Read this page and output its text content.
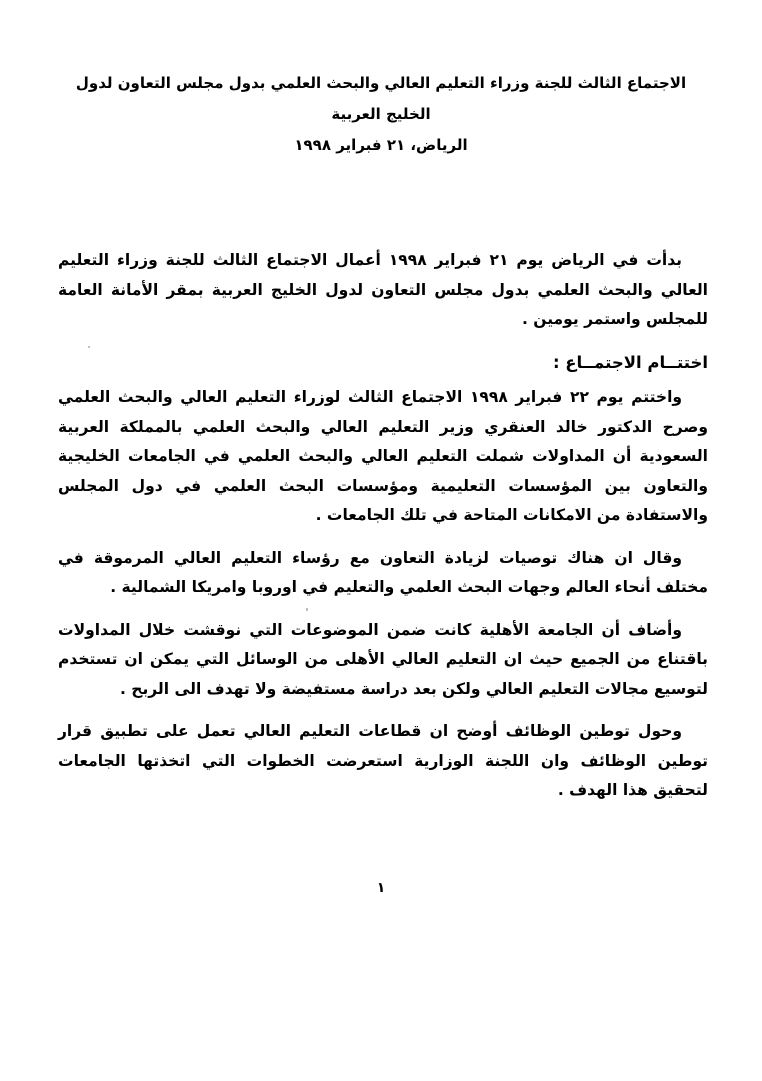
الاجتماع الثالث للجنة وزراء التعليم العالي والبحث العلمي بدول مجلس التعاون لدول الخليج العربية
الرياض، ٢١ فبراير ١٩٩٨

بدأت في الرياض يوم ٢١ فبراير ١٩٩٨ أعمال الاجتماع الثالث للجنة وزراء التعليم العالي والبحث العلمي بدول مجلس التعاون لدول الخليج العربية بمقر الأمانة العامة للمجلس واستمر يومين .

اختتــام الاجتمــاع :

واختتم يوم ٢٢ فبراير ١٩٩٨ الاجتماع الثالث لوزراء التعليم العالي والبحث العلمي وصرح الدكتور خالد العنقري وزير التعليم العالي والبحث العلمي بالمملكة العربية السعودية أن المداولات شملت التعليم العالي والبحث العلمي في الجامعات الخليجية والتعاون بين المؤسسات التعليمية ومؤسسات البحث العلمي في دول المجلس والاستفادة من الامكانات المتاحة في تلك الجامعات .

وقال ان هناك توصيات لزيادة التعاون مع رؤساء التعليم العالي المرموقة في مختلف أنحاء العالم وجهات البحث العلمي والتعليم في اوروبا وامريكا الشمالية .

وأضاف أن الجامعة الأهلية كانت ضمن الموضوعات التي نوقشت خلال المداولات باقتناع من الجميع حيث ان التعليم العالي الأهلى من الوسائل التي يمكن ان تستخدم لتوسيع مجالات التعليم العالي ولكن بعد دراسة مستفيضة ولا تهدف الى الربح .

وحول توطين الوظائف أوضح ان قطاعات التعليم العالي تعمل على تطبيق قرار توطين الوظائف وان اللجنة الوزارية استعرضت الخطوات التي اتخذتها الجامعات لتحقيق هذا الهدف .

١
